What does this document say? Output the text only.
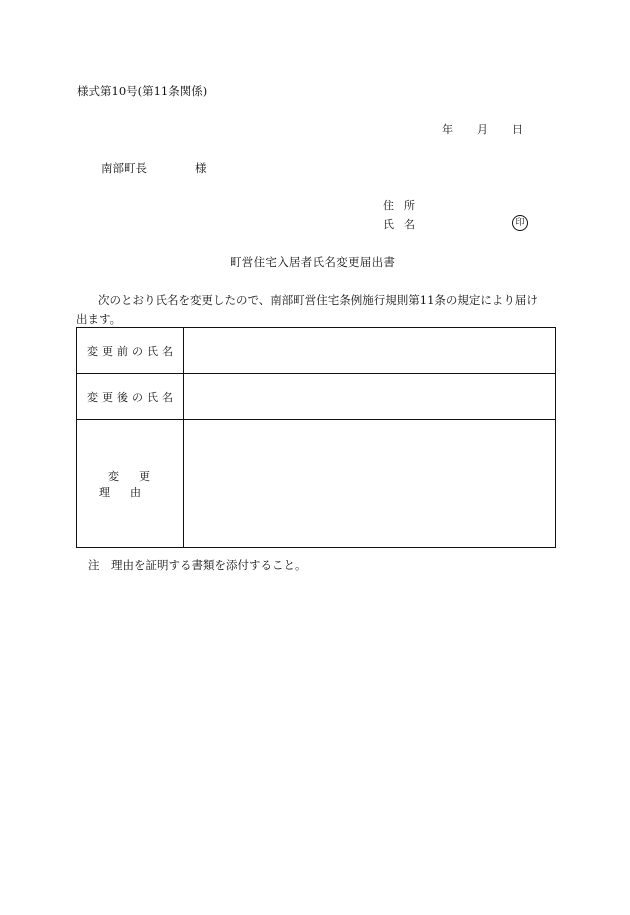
様式第10号(第11条関係)
年 月 日
南部町長	様
住所
氏名	印
町営住宅入居者氏名変更届出書
次のとおり氏名を変更したので、南部町営住宅条例施行規則第11条の規定により届け
出ます。
変更前の氏名	
変更後の氏名	
変更理由	
注　理由を証明する書類を添付すること。
